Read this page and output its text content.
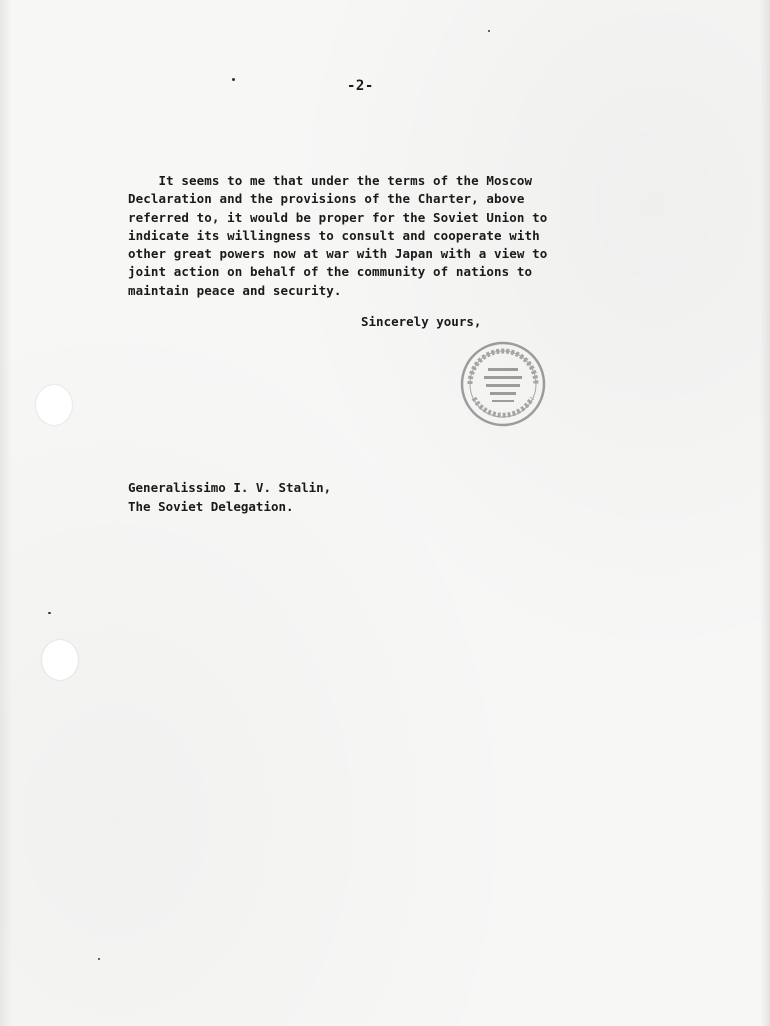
-2-
It seems to me that under the terms of the Moscow
Declaration and the provisions of the Charter, above
referred to, it would be proper for the Soviet Union to
indicate its willingness to consult and cooperate with
other great powers now at war with Japan with a view to
joint action on behalf of the community of nations to
maintain peace and security.
Sincerely yours,
Generalissimo I. V. Stalin,
The Soviet Delegation.
